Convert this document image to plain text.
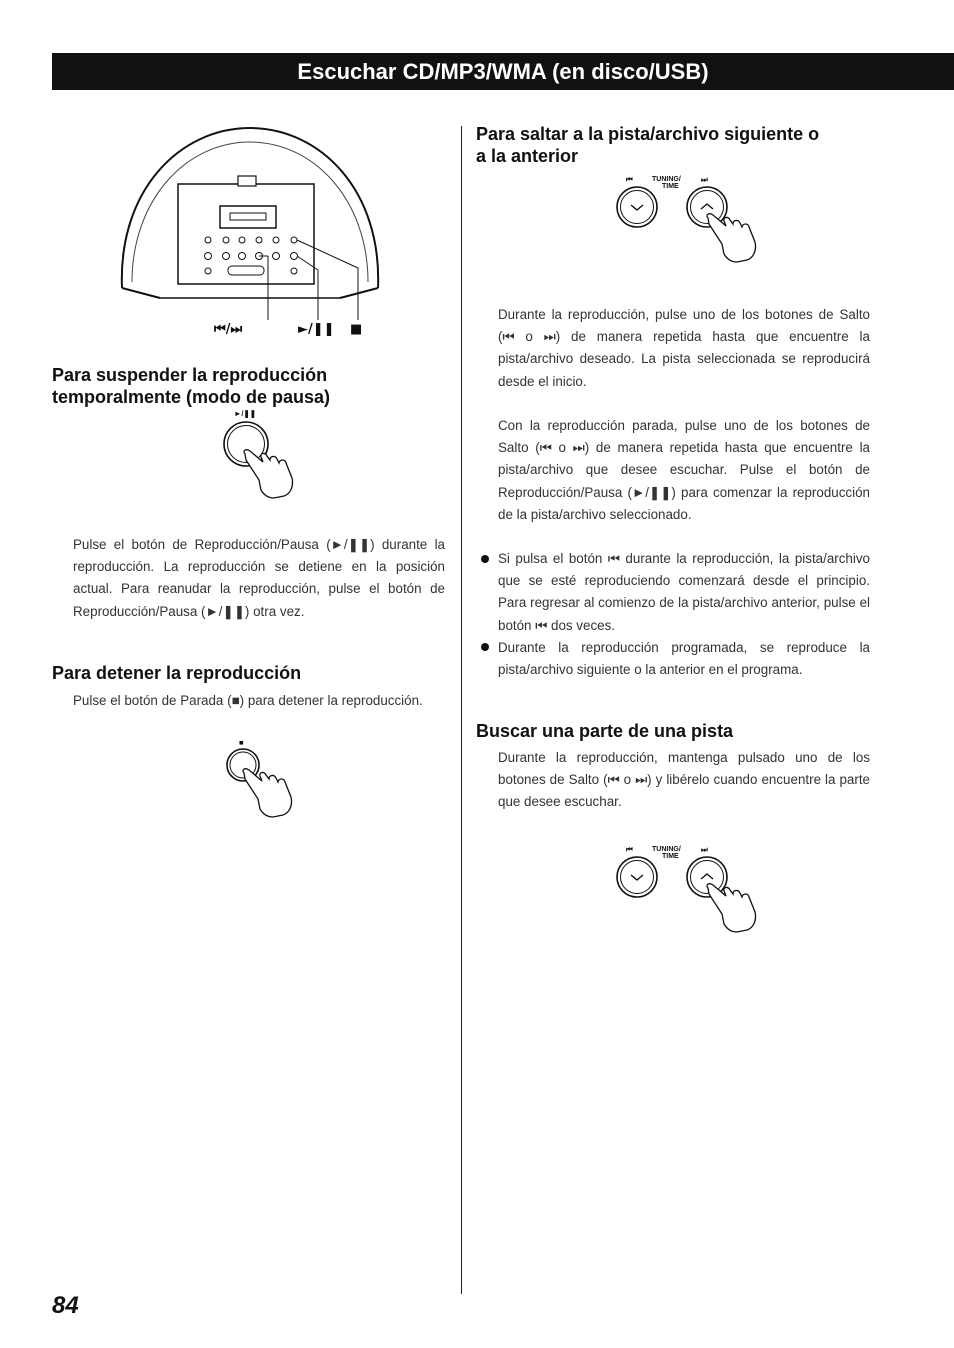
Escuchar CD/MP3/WMA (en disco/USB)
⏮/⏭	►/❚❚ ■
Para suspender la reproducción
temporalmente (modo de pausa)
►/❚❚

Pulse el botón de Reproducción/Pausa (►/❚❚) durante la reproducción. La reproducción se detiene en la posición actual. Para reanudar la reproducción, pulse el botón de Reproducción/Pausa (►/❚❚) otra vez.

Para detener la reproducción

Pulse el botón de Parada (■) para detener la reproducción.

■
Para saltar a la pista/archivo siguiente o
a la anterior
⏮	TUNING/
TIME
⏭

Durante la reproducción, pulse uno de los botones de Salto (⏮ o ⏭) de manera repetida hasta que encuentre la pista/archivo deseado. La pista seleccionada se reproducirá desde el inicio.

Con la reproducción parada, pulse uno de los botones de Salto (⏮ o ⏭) de manera repetida hasta que encuentre la pista/archivo que desee escuchar. Pulse el botón de Reproducción/Pausa (►/❚❚) para comenzar la reproducción de la pista/archivo seleccionado.

Si pulsa el botón ⏮ durante la reproducción, la pista/archivo que se esté reproduciendo comenzará desde el principio. Para regresar al comienzo de la pista/archivo anterior, pulse el botón ⏮ dos veces.

Durante la reproducción programada, se reproduce la pista/archivo siguiente o la anterior en el programa.

Buscar una parte de una pista

Durante la reproducción, mantenga pulsado uno de los botones de Salto (⏮ o ⏭) y libérelo cuando encuentre la parte que desee escuchar.

⏮	TUNING/
TIME
⏭
84
